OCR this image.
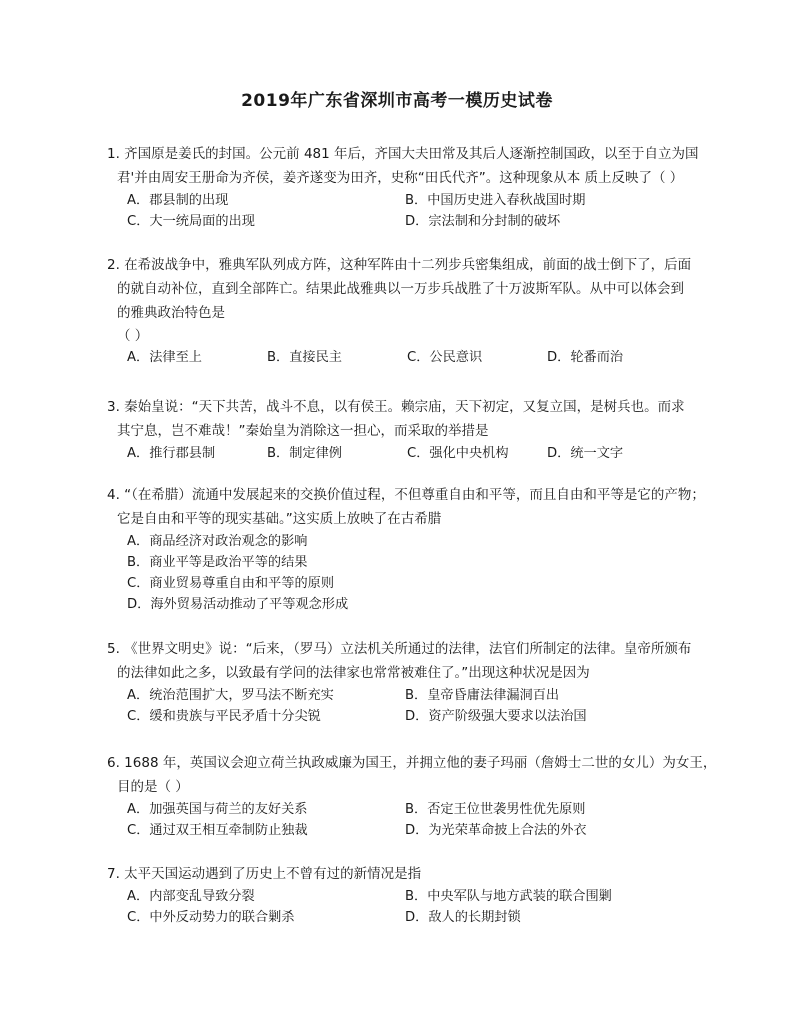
2019年广东省深圳市高考一模历史试卷
1. 齐国原是姜氏的封国。公元前 481 年后，齐国大夫田常及其后人逐渐控制国政，以至于自立为国
君'并由周安王册命为齐侯，姜齐遂变为田齐，史称“田氏代齐”。这种现象从本 质上反映了（ ）
A．郡县制的出现	B．中国历史进入春秋战国时期
C．大一统局面的出现	D．宗法制和分封制的破坏
2. 在希波战争中，雅典军队列成方阵，这种军阵由十二列步兵密集组成，前面的战士倒下了，后面
的就自动补位，直到全部阵亡。结果此战雅典以一万步兵战胜了十万波斯军队。从中可以体会到
的雅典政治特色是
（ ）
A．法律至上	B．直接民主	C．公民意识	D．轮番而治
3. 秦始皇说：“天下共苦，战斗不息，以有侯王。赖宗庙，天下初定，又复立国，是树兵也。而求
其宁息，岂不难哉！”秦始皇为消除这一担心，而采取的举措是
A．推行郡县制	B．制定律例	C．强化中央机构	D．统一文字
4. “（在希腊）流通中发展起来的交换价值过程，不但尊重自由和平等，而且自由和平等是它的产物；
它是自由和平等的现实基础。”这实质上放映了在古希腊
A．商品经济对政治观念的影响
B．商业平等是政治平等的结果
C．商业贸易尊重自由和平等的原则
D．海外贸易活动推动了平等观念形成
5. 《世界文明史》说：“后来，（罗马）立法机关所通过的法律，法官们所制定的法律。皇帝所颁布
的法律如此之多，以致最有学问的法律家也常常被难住了。”出现这种状况是因为
A．统治范围扩大，罗马法不断充实	B．皇帝昏庸法律漏洞百出
C．缓和贵族与平民矛盾十分尖锐	D．资产阶级强大要求以法治国
6. 1688 年，英国议会迎立荷兰执政威廉为国王，并拥立他的妻子玛丽（詹姆士二世的女儿）为女王，
目的是（ ）
A．加强英国与荷兰的友好关系	B．否定王位世袭男性优先原则
C．通过双王相互牵制防止独裁	D．为光荣革命披上合法的外衣
7. 太平天国运动遇到了历史上不曾有过的新情况是指
A．内部变乱导致分裂	B．中央军队与地方武装的联合围剿
C．中外反动势力的联合剿杀	D．敌人的长期封锁
